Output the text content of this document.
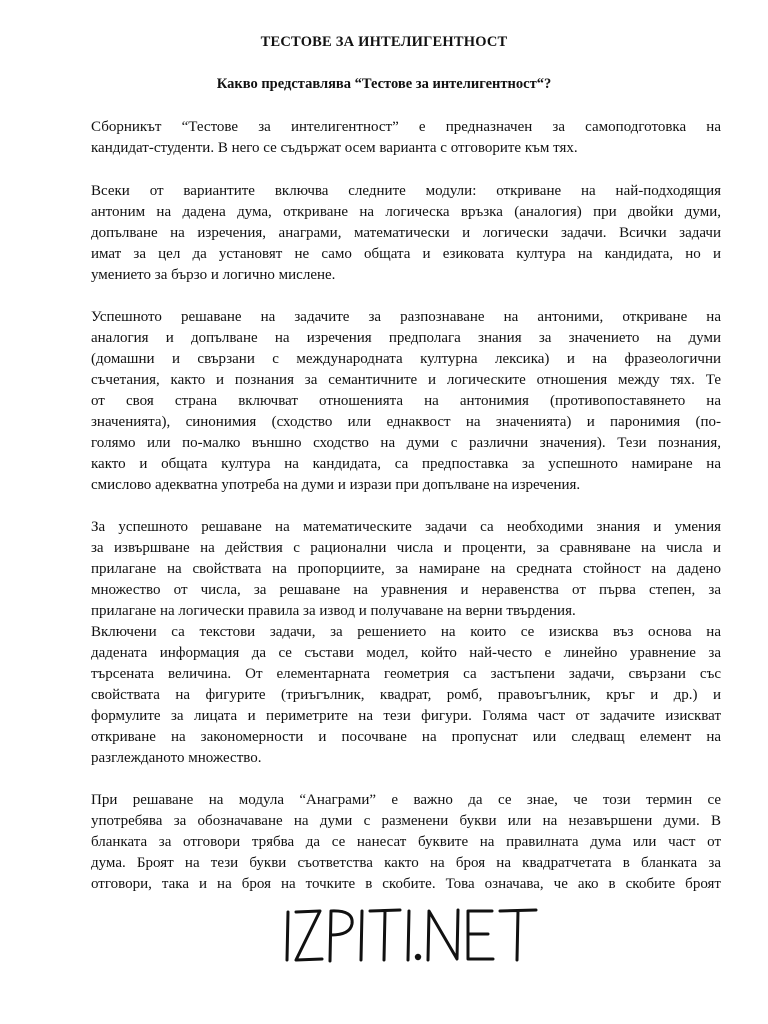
ТЕСТОВЕ ЗА ИНТЕЛИГЕНТНОСТ
Какво представлява “Тестове за интелигентност“?

Сборникът “Тестове за интелигентност” е предназначен за самоподготовка на
кандидат-студенти. В него се съдържат осем варианта с отговорите към тях.

Всеки от вариантите включва следните модули: откриване на най-подходящия
антоним на дадена дума, откриване на логическа връзка (аналогия) при двойки думи,
допълване на изречения, анаграми, математически и логически задачи. Всички задачи
имат за цел да установят не само общата и езиковата култура на кандидата, но и
умението за бързо и логично мислене.

Успешното решаване на задачите за разпознаване на антоними, откриване на
аналогия и допълване на изречения предполага знания за значението на думи
(домашни и свързани с международната културна лексика) и на фразеологични
съчетания, както и познания за семантичните и логическите отношения между тях. Те
от своя страна включват отношенията на антонимия (противопоставянето на
значенията), синонимия (сходство или еднаквост на значенията) и паронимия (по-
голямо или по-малко външно сходство на думи с различни значения). Тези познания,
както и общата култура на кандидата, са предпоставка за успешното намиране на
смислово адекватна употреба на думи и изрази при допълване на изречения.

За успешното решаване на математическите задачи са необходими знания и умения
за извършване на действия с рационални числа и проценти, за сравняване на числа и
прилагане на свойствата на пропорциите, за намиране на средната стойност на дадено
множество от числа, за решаване на уравнения и неравенства от първа степен, за
прилагане на логически правила за извод и получаване на верни твърдения.
Включени са текстови задачи, за решението на които се изисква въз основа на
дадената информация да се състави модел, който най-често е линейно уравнение за
търсената величина. От елементарната геометрия са застъпени задачи, свързани със
свойствата на фигурите (триъгълник, квадрат, ромб, правоъгълник, кръг и др.) и
формулите за лицата и периметрите на тези фигури. Голяма част от задачите изискват
откриване на закономерности и посочване на пропуснат или следващ елемент на
разглежданото множество.

При решаване на модула “Анаграми” е важно да се знае, че този термин се
употребява за обозначаване на думи с разменени букви или на незавършени думи. В
бланката за отговори трябва да се нанесат буквите на правилната дума или част от
дума. Броят на тези букви съответства както на броя на квадратчетата в бланката за
отговори, така и на броя на точките в скобите. Това означава, че ако в скобите броят
